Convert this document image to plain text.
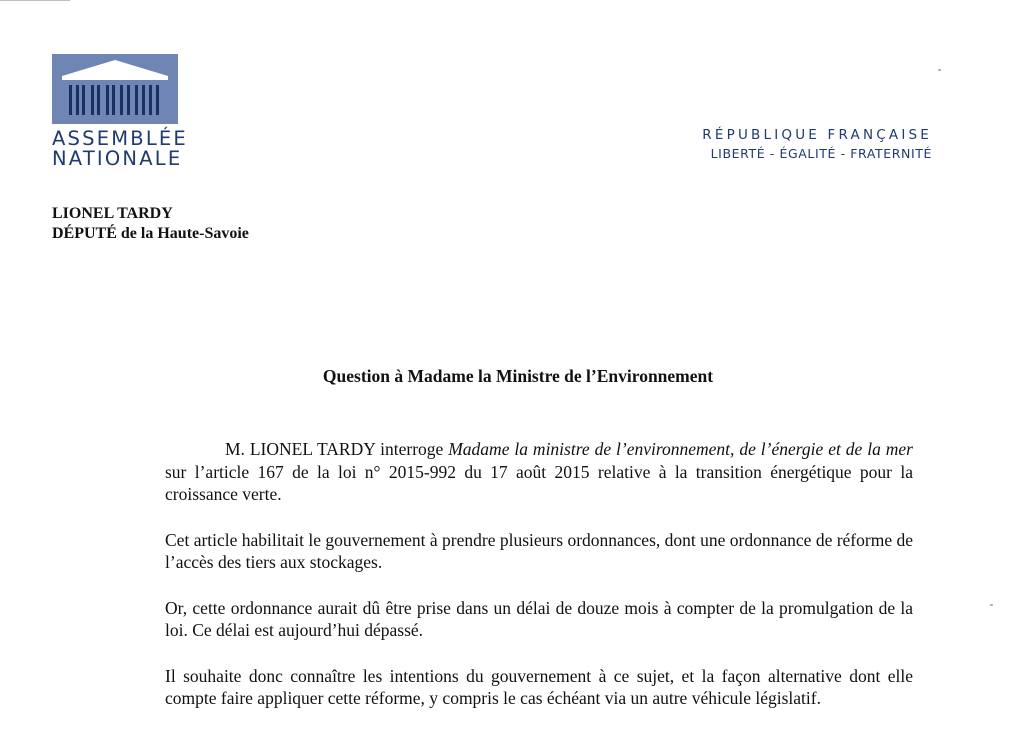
ASSEMBLÉE
NATIONALE
RÉPUBLIQUE FRANÇAISE
LIBERTÉ - ÉGALITÉ - FRATERNITÉ
LIONEL TARDY
DÉPUTÉ de la Haute-Savoie
Question à Madame la Ministre de l’Environnement

M. LIONEL TARDY interroge Madame la ministre de l’environnement, de l’énergie et de la mer sur l’article 167 de la loi n° 2015-992 du 17 août 2015 relative à la transition énergétique pour la croissance verte.

Cet article habilitait le gouvernement à prendre plusieurs ordonnances, dont une ordonnance de réforme de l’accès des tiers aux stockages.

Or, cette ordonnance aurait dû être prise dans un délai de douze mois à compter de la promulgation de la loi. Ce délai est aujourd’hui dépassé.

Il souhaite donc connaître les intentions du gouvernement à ce sujet, et la façon alternative dont elle compte faire appliquer cette réforme, y compris le cas échéant via un autre véhicule législatif.
